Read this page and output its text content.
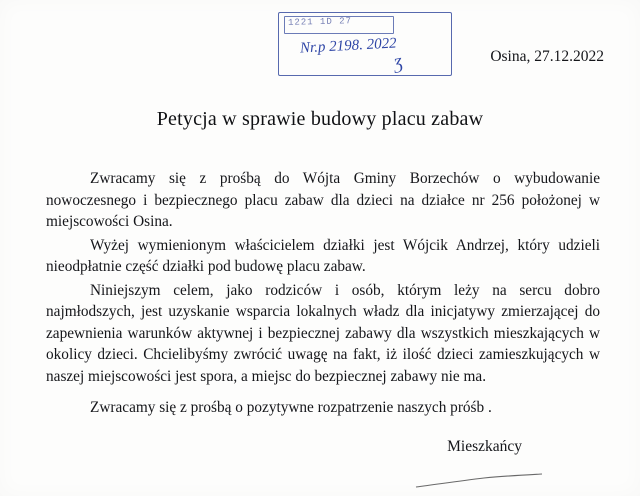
1221 1D 27
Nr.p 2198. 2022
Ʒ	Osina, 27.12.2022
Petycja w sprawie budowy placu zabaw

Zwracamy się z prośbą do Wójta Gminy Borzechów o wybudowanie nowoczesnego i bezpiecznego placu zabaw dla dzieci na działce nr 256 położonej w miejscowości Osina.

Wyżej wymienionym właścicielem działki jest Wójcik Andrzej, który udzieli nieodpłatnie część działki pod budowę placu zabaw.

Niniejszym celem, jako rodziców i osób, którym leży na sercu dobro najmłodszych, jest uzyskanie wsparcia lokalnych władz dla inicjatywy zmierzającej do zapewnienia warunków aktywnej i bezpiecznej zabawy dla wszystkich mieszkających w okolicy dzieci. Chcielibyśmy zwrócić uwagę na fakt, iż ilość dzieci zamieszkujących w naszej miejscowości jest spora, a miejsc do bezpiecznej zabawy nie ma.

Zwracamy się z prośbą o pozytywne rozpatrzenie naszych próśb .

Mieszkańcy
